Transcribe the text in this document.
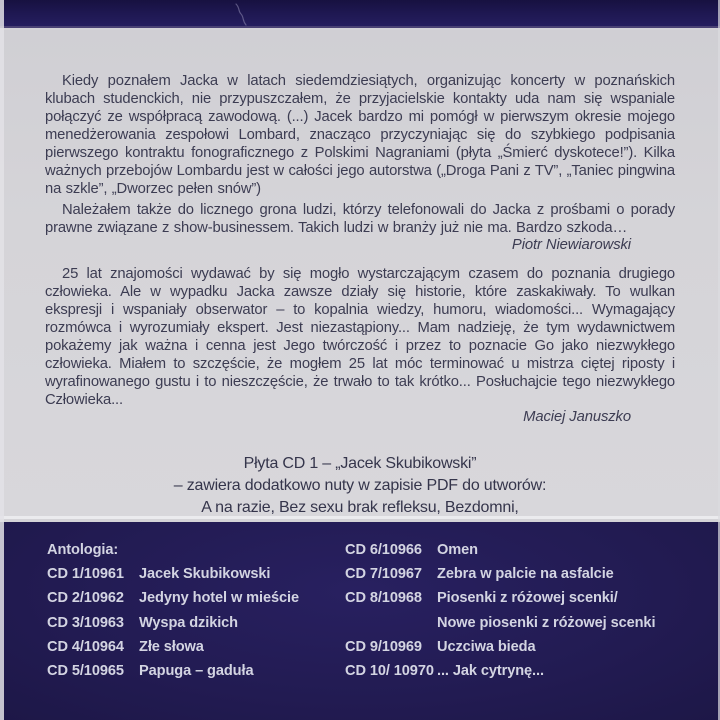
Kiedy poznałem Jacka w latach siedemdziesiątych, organizując koncerty w poznańskich klubach studenckich, nie przypuszczałem, że przyjacielskie kontakty uda nam się wspaniale połączyć ze współpracą zawodową. (...) Jacek bardzo mi pomógł w pierwszym okresie mojego menedżerowania zespołowi Lombard, znacząco przyczyniając się do szybkiego podpisania pierwszego kontraktu fonograficznego z Polskimi Nagraniami (płyta „Śmierć dyskotece!”). Kilka ważnych przebojów Lombardu jest w całości jego autorstwa („Droga Pani z TV”, „Taniec pingwina na szkle”, „Dworzec pełen snów”)

Należałem także do licznego grona ludzi, którzy telefonowali do Jacka z prośbami o porady prawne związane z show-businessem. Takich ludzi w branży już nie ma. Bardzo szkoda…

Piotr Niewiarowski

25 lat znajomości wydawać by się mogło wystarczającym czasem do poznania drugiego człowieka. Ale w wypadku Jacka zawsze działy się historie, które zaskakiwały. To wulkan ekspresji i wspaniały obserwator – to kopalnia wiedzy, humoru, wiadomości... Wymagający rozmówca i wyrozumiały ekspert. Jest niezastąpiony... Mam nadzieję, że tym wydawnictwem pokażemy jak ważna i cenna jest Jego twórczość i przez to poznacie Go jako niezwykłego człowieka. Miałem to szczęście, że mogłem 25 lat móc terminować u mistrza ciętej riposty i wyrafinowanego gustu i to nieszczęście, że trwało to tak krótko... Posłuchajcie tego niezwykłego Człowieka...

Maciej Januszko

Płyta CD 1 – „Jacek Skubikowski”
– zawiera dodatkowo nuty w zapisie PDF do utworów:
A na razie, Bez sexu brak refleksu, Bezdomni,
Antologia:
CD 1/10961	Jacek Skubikowski
CD 2/10962	Jedyny hotel w mieście
CD 3/10963	Wyspa dzikich
CD 4/10964	Złe słowa
CD 5/10965	Papuga – gaduła
CD 6/10966	Omen
CD 7/10967	Zebra w palcie na asfalcie
CD 8/10968	Piosenki z różowej scenki/
Nowe piosenki z różowej scenki
CD 9/10969	Uczciwa bieda
CD 10/ 10970 ... Jak cytrynę...
